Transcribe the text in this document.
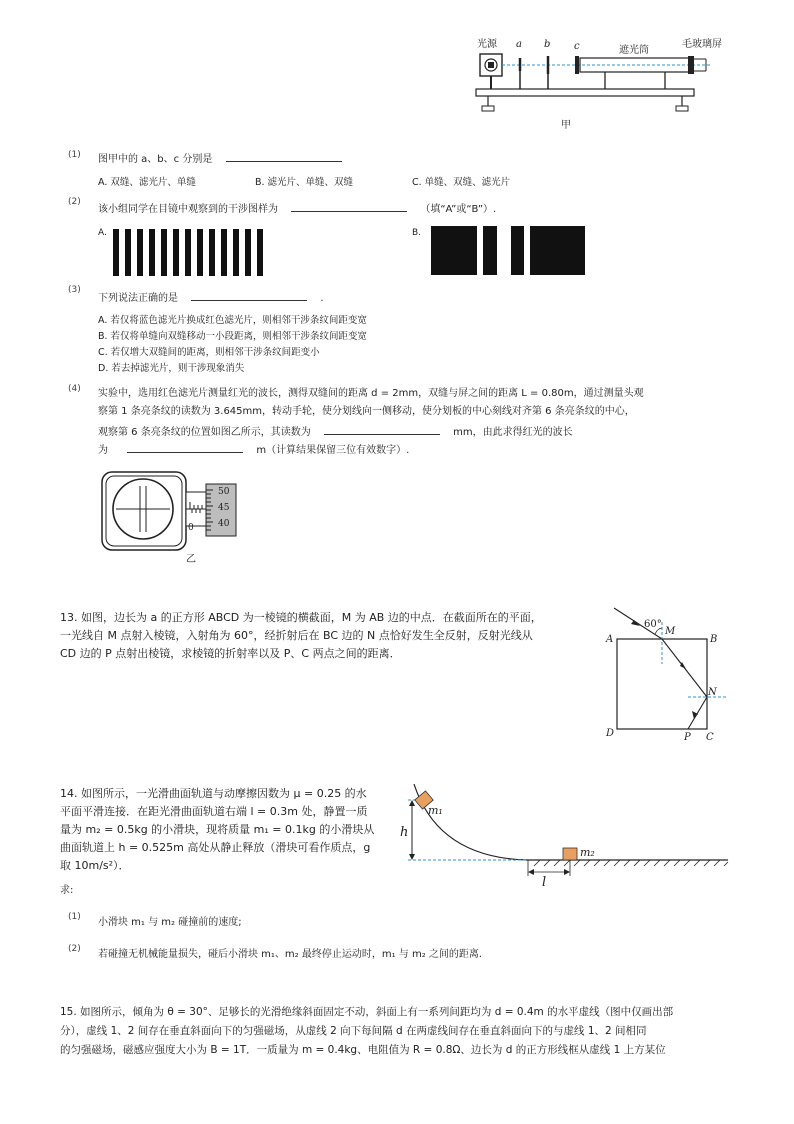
光源 a b c	遮光筒
毛玻璃屏
甲
(1) 图甲中的 a、b、c 分别是
A. 双缝、滤光片、单缝	B. 滤光片、单缝、双缝	C. 单缝、双缝、滤光片
(2)
该小组同学在目镜中观察到的干涉图样为	（填“A”或“B”）.
A.	B.
(3)
下列说法正确的是	.
A. 若仅将蓝色滤光片换成红色滤光片，则相邻干涉条纹间距变宽
B. 若仅将单缝向双缝移动一小段距离，则相邻干涉条纹间距变宽
C. 若仅增大双缝间的距离，则相邻干涉条纹间距变小
D. 若去掉滤光片，则干涉现象消失
(4) 实验中，选用红色滤光片测量红光的波长，测得双缝间的距离 d = 2mm，双缝与屏之间的距离 L = 0.80m，通过测量头观
察第 1 条亮条纹的读数为 3.645mm，转动手轮，使分划线向一侧移动，使分划板的中心刻线对齐第 6 条亮条纹的中心，
观察第 6 条亮条纹的位置如图乙所示，其读数为	mm，由此求得红光的波长
为	m（计算结果保留三位有效数字）.
50
45
40
0
乙
13. 如图，边长为 a 的正方形 ABCD 为一棱镜的横截面，M 为 AB 边的中点．在截面所在的平面，
一光线自 M 点射入棱镜，入射角为 60°，经折射后在 BC 边的 N 点恰好发生全反射，反射光线从
CD 边的 P 点射出棱镜，求棱镜的折射率以及 P、C 两点之间的距离．
60°
A	B
C
D
M
N
P
14. 如图所示，一光滑曲面轨道与动摩擦因数为 μ = 0.25 的水
平面平滑连接．在距光滑曲面轨道右端 l = 0.3m 处，静置一质
量为 m₂ = 0.5kg 的小滑块，现将质量 m₁ = 0.1kg 的小滑块从
曲面轨道上 h = 0.525m 高处从静止释放（滑块可看作质点，g
取 10m/s²）．
求:
h
m₁
m₂
l
(1) 小滑块 m₁ 与 m₂ 碰撞前的速度;
(2) 若碰撞无机械能量损失，碰后小滑块 m₁、m₂ 最终停止运动时，m₁ 与 m₂ 之间的距离．
15. 如图所示，倾角为 θ = 30°、足够长的光滑绝缘斜面固定不动，斜面上有一系列间距均为 d = 0.4m 的水平虚线（图中仅画出部
分），虚线 1、2 间存在垂直斜面向下的匀强磁场，从虚线 2 向下每间隔 d 在两虚线间存在垂直斜面向下的与虚线 1、2 间相同
的匀强磁场，磁感应强度大小为 B = 1T．一质量为 m = 0.4kg、电阻值为 R = 0.8Ω、边长为 d 的正方形线框从虚线 1 上方某位
